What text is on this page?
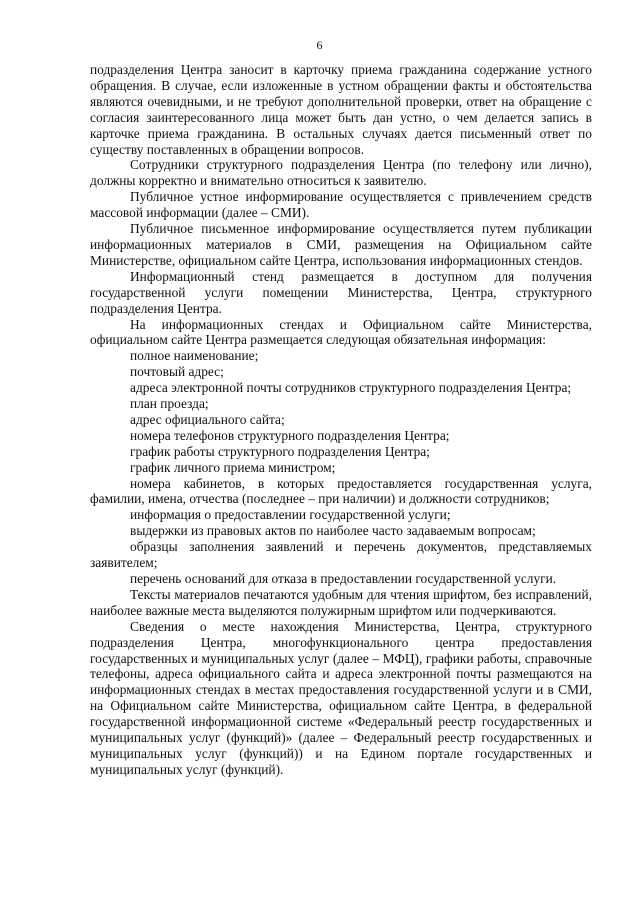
6

подразделения Центра заносит в карточку приема гражданина содержание устного обращения. В случае, если изложенные в устном обращении факты и обстоятельства являются очевидными, и не требуют дополнительной проверки, ответ на обращение с согласия заинтересованного лица может быть дан устно, о чем делается запись в карточке приема гражданина. В остальных случаях дается письменный ответ по существу поставленных в обращении вопросов.

Сотрудники структурного подразделения Центра (по телефону или лично), должны корректно и внимательно относиться к заявителю.

Публичное устное информирование осуществляется с привлечением средств массовой информации (далее – СМИ).

Публичное письменное информирование осуществляется путем публикации информационных материалов в СМИ, размещения на Официальном сайте Министерстве, официальном сайте Центра, использования информационных стендов.

Информационный стенд размещается в доступном для получения государственной услуги помещении Министерства, Центра, структурного подразделения Центра.

На информационных стендах и Официальном сайте Министерства, официальном сайте Центра размещается следующая обязательная информация:

полное наименование;
почтовый адрес;
адреса электронной почты сотрудников структурного подразделения Центра;
план проезда;
адрес официального сайта;
номера телефонов структурного подразделения Центра;
график работы структурного подразделения Центра;
график личного приема министром;
номера кабинетов, в которых предоставляется государственная услуга, фамилии, имена, отчества (последнее – при наличии) и должности сотрудников;
информация о предоставлении государственной услуги;
выдержки из правовых актов по наиболее часто задаваемым вопросам;
образцы заполнения заявлений и перечень документов, представляемых заявителем;
перечень оснований для отказа в предоставлении государственной услуги.

Тексты материалов печатаются удобным для чтения шрифтом, без исправлений, наиболее важные места выделяются полужирным шрифтом или подчеркиваются.

Сведения о месте нахождения Министерства, Центра, структурного подразделения Центра, многофункционального центра предоставления государственных и муниципальных услуг (далее – МФЦ), графики работы, справочные телефоны, адреса официального сайта и адреса электронной почты размещаются на информационных стендах в местах предоставления государственной услуги и в СМИ, на Официальном сайте Министерства, официальном сайте Центра, в федеральной государственной информационной системе «Федеральный реестр государственных и муниципальных услуг (функций)» (далее – Федеральный реестр государственных и муниципальных услуг (функций)) и на Едином портале государственных и муниципальных услуг (функций).
